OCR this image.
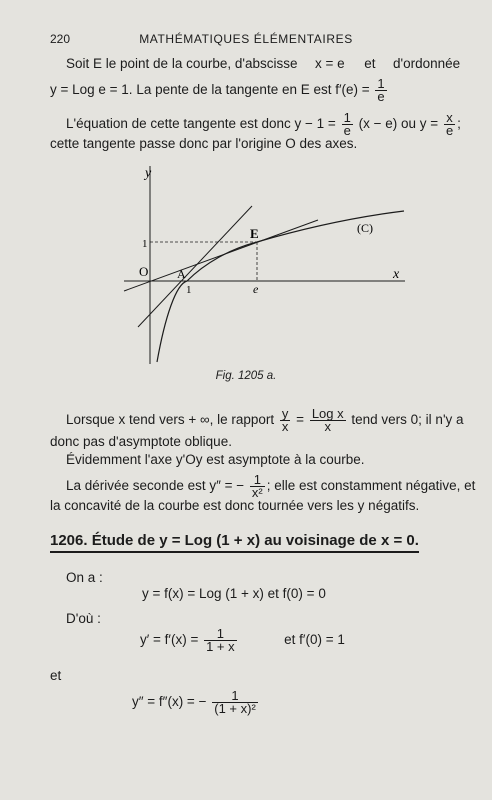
220	MATHÉMATIQUES ÉLÉMENTAIRES
Soit E le point de la courbe, d'abscisse x = e et d'ordonnée
y = Log e = 1. La pente de la tangente en E est $f'(e) = \frac{1}{e}$
L'équation de cette tangente est donc $y - 1 = \frac{1}{e} (x - e)$ ou $y = \frac{x}{e}$ ;
cette tangente passe donc par l'origine O des axes.
y
x
O A
E	(C)
1
1	e
Fig. 1205 a.
Lorsque x tend vers + ∞, le rapport $\frac{y}{x} = \frac{\text{Log x}}{x}$ tend vers 0; il n'y a
donc pas d'asymptote oblique.
Évidemment l'axe y'Oy est asymptote à la courbe.
La dérivée seconde est y″ = − $\frac{1}{\text{x²}}$ ; elle est constamment négative, et
la concavité de la courbe est donc tournée vers les y négatifs.
1206. Étude de y = Log (1 + x) au voisinage de x = 0.
On a :
y = f(x) = Log (1 + x) et f(0) = 0
D'où :
$y' = f'(x) = \frac{1}{1 + x}$	et f′(0) = 1
et
y″ = f″(x) = − $\frac{1}{\text{(1 + x)²}}$
